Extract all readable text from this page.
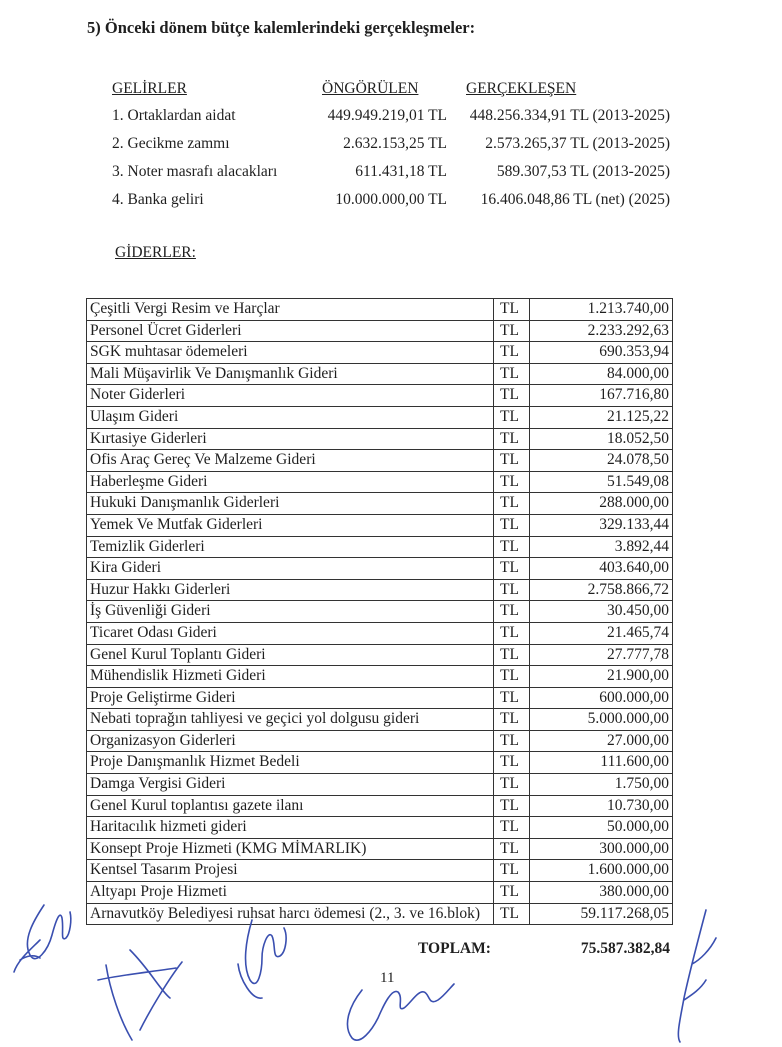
5) Önceki dönem bütçe kalemlerindeki gerçekleşmeler:
GELİRLER	ÖNGÖRÜLEN	GERÇEKLEŞEN
1. Ortaklardan aidat	449.949.219,01 TL	448.256.334,91 TL (2013-2025)
2. Gecikme zammı	2.632.153,25 TL	2.573.265,37 TL (2013-2025)
3. Noter masrafı alacakları	611.431,18 TL	589.307,53 TL (2013-2025)
4. Banka geliri	10.000.000,00 TL	16.406.048,86 TL (net) (2025)
GİDERLER:
Çeşitli Vergi Resim ve Harçlar	TL	1.213.740,00
Personel Ücret Giderleri	TL	2.233.292,63
SGK muhtasar ödemeleri	TL	690.353,94
Mali Müşavirlik Ve Danışmanlık Gideri	TL	84.000,00
Noter Giderleri	TL	167.716,80
Ulaşım Gideri	TL	21.125,22
Kırtasiye Giderleri	TL	18.052,50
Ofis Araç Gereç Ve Malzeme Gideri	TL	24.078,50
Haberleşme Gideri	TL	51.549,08
Hukuki Danışmanlık Giderleri	TL	288.000,00
Yemek Ve Mutfak Giderleri	TL	329.133,44
Temizlik Giderleri	TL	3.892,44
Kira Gideri	TL	403.640,00
Huzur Hakkı Giderleri	TL	2.758.866,72
İş Güvenliği Gideri	TL	30.450,00
Ticaret Odası Gideri	TL	21.465,74
Genel Kurul Toplantı Gideri	TL	27.777,78
Mühendislik Hizmeti Gideri	TL	21.900,00
Proje Geliştirme Gideri	TL	600.000,00
Nebati toprağın tahliyesi ve geçici yol dolgusu gideri	TL	5.000.000,00
Organizasyon Giderleri	TL	27.000,00
Proje Danışmanlık Hizmet Bedeli	TL	111.600,00
Damga Vergisi Gideri	TL	1.750,00
Genel Kurul toplantısı gazete ilanı	TL	10.730,00
Haritacılık hizmeti gideri	TL	50.000,00
Konsept Proje Hizmeti (KMG MİMARLIK)	TL	300.000,00
Kentsel Tasarım Projesi	TL	1.600.000,00
Altyapı Proje Hizmeti	TL	380.000,00
Arnavutköy Belediyesi ruhsat harcı ödemesi (2., 3. ve 16.blok)	TL	59.117.268,05
TOPLAM:	75.587.382,84
11
